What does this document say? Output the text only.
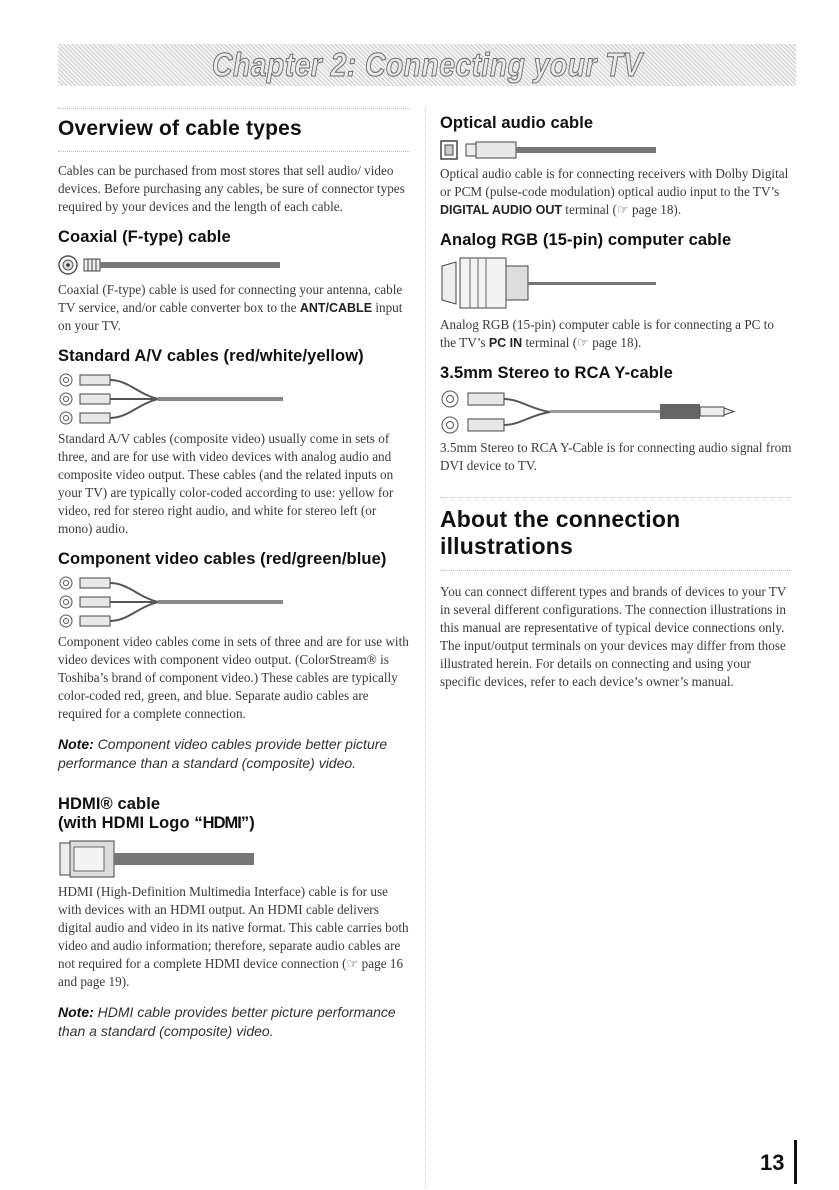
Chapter 2: Connecting your TV
Overview of cable types

Cables can be purchased from most stores that sell audio/ video devices. Before purchasing any cables, be sure of connector types required by your devices and the length of each cable.

Coaxial (F-type) cable

Coaxial (F-type) cable is used for connecting your antenna, cable TV service, and/or cable converter box to the ANT/CABLE input on your TV.

Standard A/V cables (red/white/yellow)

Standard A/V cables (composite video) usually come in sets of three, and are for use with video devices with analog audio and composite video output. These cables (and the related inputs on your TV) are typically color-coded according to use: yellow for video, red for stereo right audio, and white for stereo left (or mono) audio.

Component video cables (red/green/blue)

Component video cables come in sets of three and are for use with video devices with component video output. (ColorStream® is Toshiba’s brand of component video.) These cables are typically color-coded red, green, and blue. Separate audio cables are required for a complete connection.

Note: Component video cables provide better picture performance than a standard (composite) video.

HDMI® cable
(with HDMI Logo “HDMI”)

HDMI (High-Definition Multimedia Interface) cable is for use with devices with an HDMI output. An HDMI cable delivers digital audio and video in its native format. This cable carries both video and audio information; therefore, separate audio cables are not required for a complete HDMI device connection (☞ page 16 and page 19).

Note: HDMI cable provides better picture performance than a standard (composite) video.

Optical audio cable

Optical audio cable is for connecting receivers with Dolby Digital or PCM (pulse-code modulation) optical audio input to the TV’s DIGITAL AUDIO OUT terminal (☞ page 18).

Analog RGB (15-pin) computer cable

Analog RGB (15-pin) computer cable is for connecting a PC to the TV’s PC IN terminal (☞ page 18).

3.5mm Stereo to RCA Y-cable

3.5mm Stereo to RCA Y-Cable is for connecting audio signal from DVI device to TV.

About the connection illustrations

You can connect different types and brands of devices to your TV in several different configurations. The connection illustrations in this manual are representative of typical device connections only. The input/output terminals on your devices may differ from those illustrated herein. For details on connecting and using your specific devices, refer to each device’s owner’s manual.

13
